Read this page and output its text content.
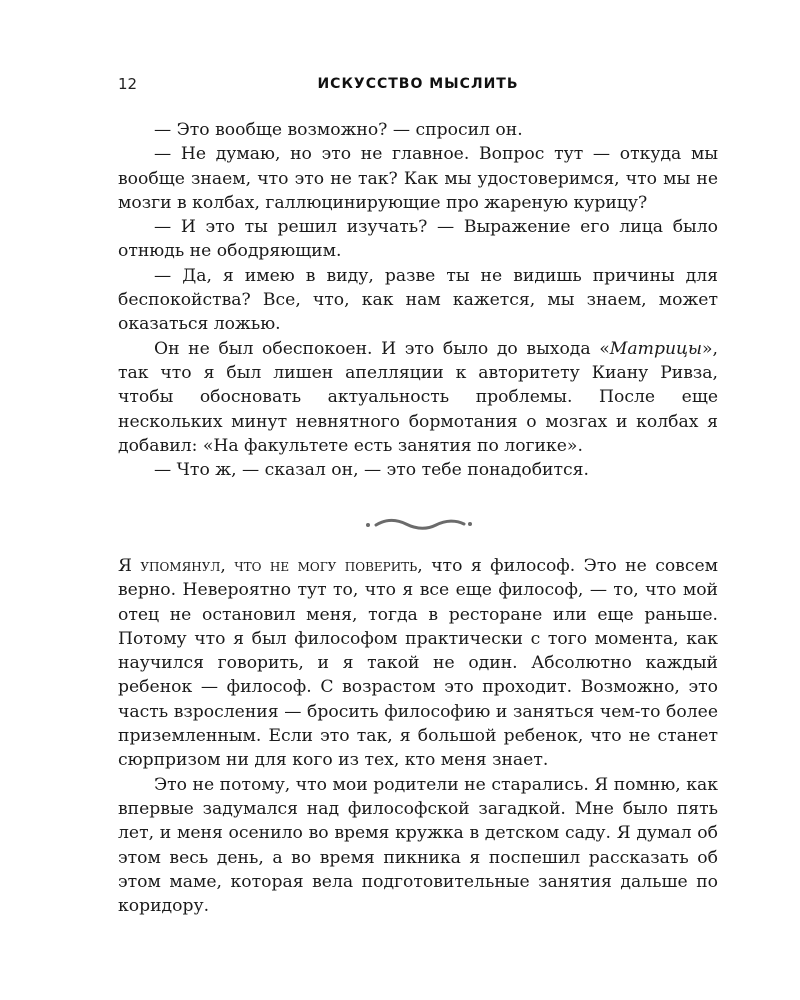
12	ИСКУССТВО МЫСЛИТЬ

— Это вообще возможно? — спросил он.

— Не думаю, но это не главное. Вопрос тут — откуда мы вообще знаем, что это не так? Как мы удостоверимся, что мы не мозги в колбах, галлюцинирующие про жареную курицу?

— И это ты решил изучать? — Выражение его лица было отнюдь не ободряющим.

— Да, я имею в виду, разве ты не видишь причины для беспокойства? Все, что, как нам кажется, мы знаем, может оказаться ложью.

Он не был обеспокоен. И это было до выхода «Матрицы», так что я был лишен апелляции к авторитету Киану Ривза, чтобы обосновать актуальность проблемы. После еще нескольких минут невнятного бормотания о мозгах и колбах я добавил: «На факультете есть занятия по логике».

— Что ж, — сказал он, — это тебе понадобится.

Я упомянул, что не могу поверить, что я философ. Это не совсем верно. Невероятно тут то, что я все еще философ, — то, что мой отец не остановил меня, тогда в ресторане или еще раньше. Потому что я был философом практически с того момента, как научился говорить, и я такой не один. Абсолютно каждый ребенок — философ. С возрастом это проходит. Возможно, это часть взросления — бросить философию и заняться чем-то более приземленным. Если это так, я большой ребенок, что не станет сюрпризом ни для кого из тех, кто меня знает.

Это не потому, что мои родители не старались. Я помню, как впервые задумался над философской загадкой. Мне было пять лет, и меня осенило во время кружка в детском саду. Я думал об этом весь день, а во время пикника я поспешил рассказать об этом маме, которая вела подготовительные занятия дальше по коридору.
